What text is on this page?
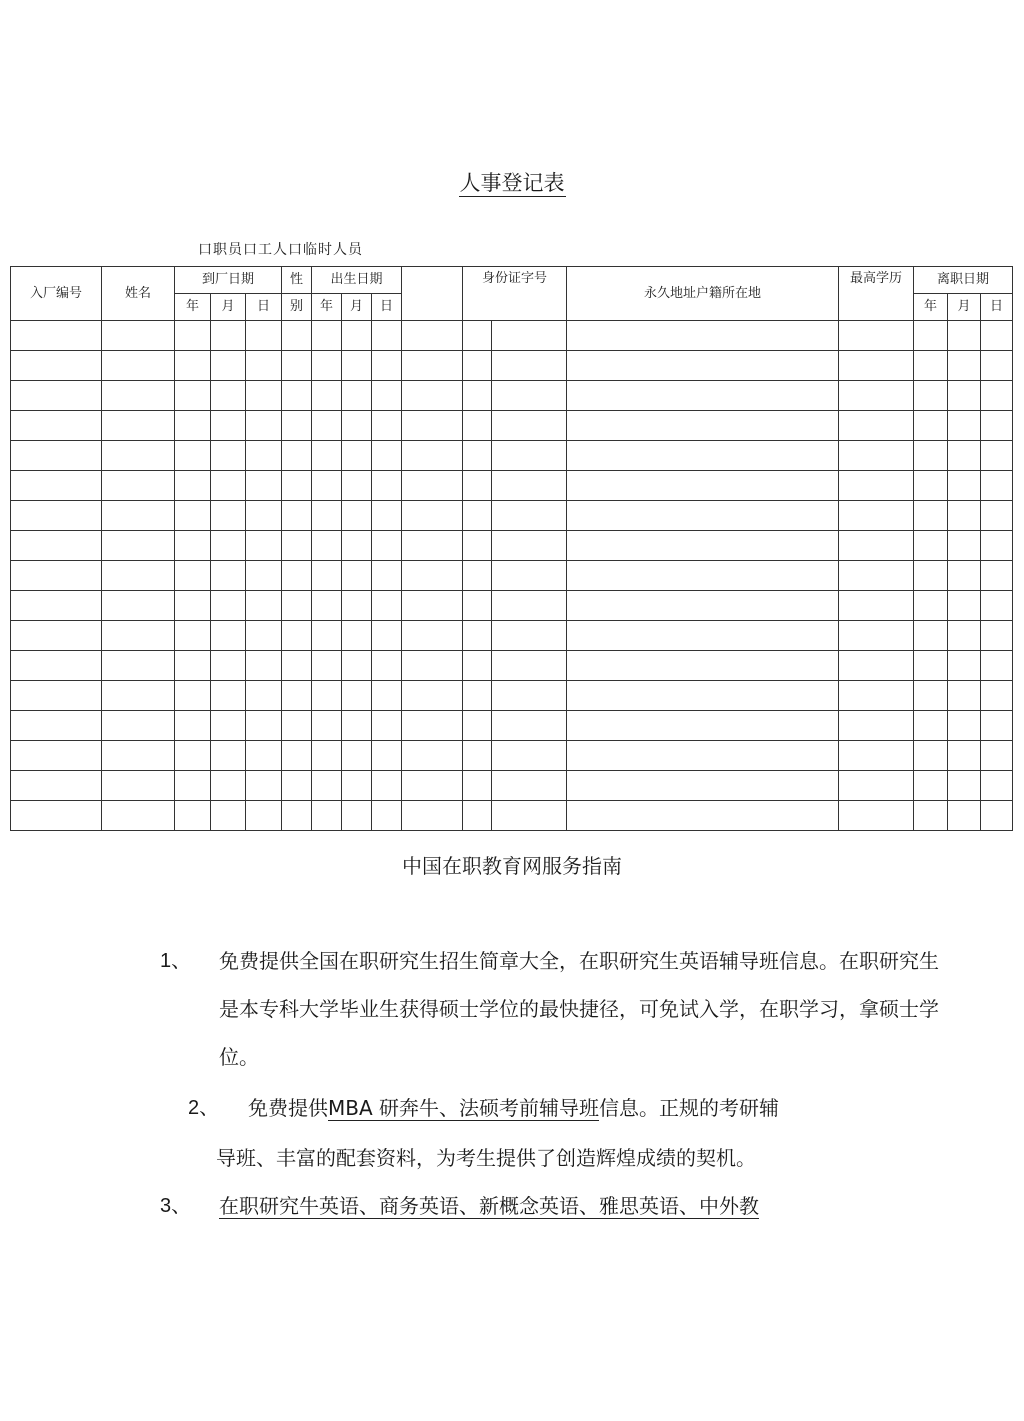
人事登记表
口职员口工人口临时人员
入厂编号	姓名	到厂日期			性	出生日期				身份证字号		永久地址户籍所在地	最高学历	离职日期		
		年	月	日	别	年	月	日						年	月	日

中国在职教育网服务指南
1、 免费提供全国在职研究生招生简章大全，在职研究生英语辅导班信息。在职研究生
是本专科大学毕业生获得硕士学位的最快捷径，可免试入学，在职学习，拿硕士学
位。
2、 免费提供MBA 研奔牛、法硕考前辅导班信息。正规的考研辅
导班、丰富的配套资料，为考生提供了创造辉煌成绩的契机。
3、 在职研究牛英语、商务英语、新概念英语、雅思英语、中外教
